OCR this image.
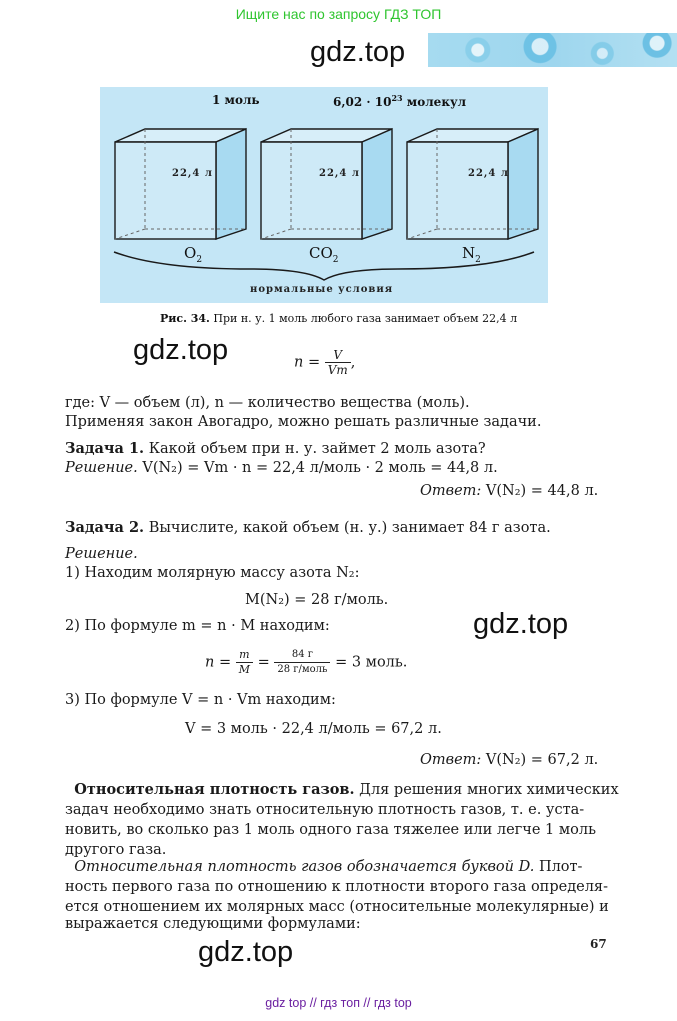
Ищите нас по запросу ГДЗ ТОП
gdz.top
1 моль	$6,02 \cdot 10^{23}$ молекул
22,4 л	22,4 л	22,4 л
$O_2$	$CO_2$	$N_2$
нормальные условия
Рис. 34. При н. у. 1 моль любого газа занимает объем 22,4 л
gdz.top	$n = \frac{V}{Vm}$ ,
где: V — объем (л), n — количество вещества (моль).
Применяя закон Авогадро, можно решать различные задачи.
Задача 1. Какой объем при н. у. займет 2 моль азота?
Решение. V(N₂) = Vm · n = 22,4 л/моль · 2 моль = 44,8 л.
Ответ: V(N₂) = 44,8 л.
Задача 2. Вычислите, какой объем (н. у.) занимает 84 г азота.
Решение.
1) Находим молярную массу азота N₂:
M(N₂) = 28 г/моль.
2) По формуле m = n · M находим:	gdz.top
$n = \frac{m}{M} = \frac{84 г}{\text{28 г/моль}} = 3$ моль.
3) По формуле V = n · Vm находим:
V = 3 моль · 22,4 л/моль = 67,2 л.
Ответ: V(N₂) = 67,2 л.
Относительная плотность газов. Для решения многих химических
задач необходимо знать относительную плотность газов, т. е. уста-
новить, во сколько раз 1 моль одного газа тяжелее или легче 1 моль
другого газа.
Относительная плотность газов обозначается буквой D. Плот-
ность первого газа по отношению к плотности второго газа определя-
ется отношением их молярных масс (относительные молекулярные) и
выражается следующими формулами:
gdz.top	67
gdz top // гдз топ // гдз top
